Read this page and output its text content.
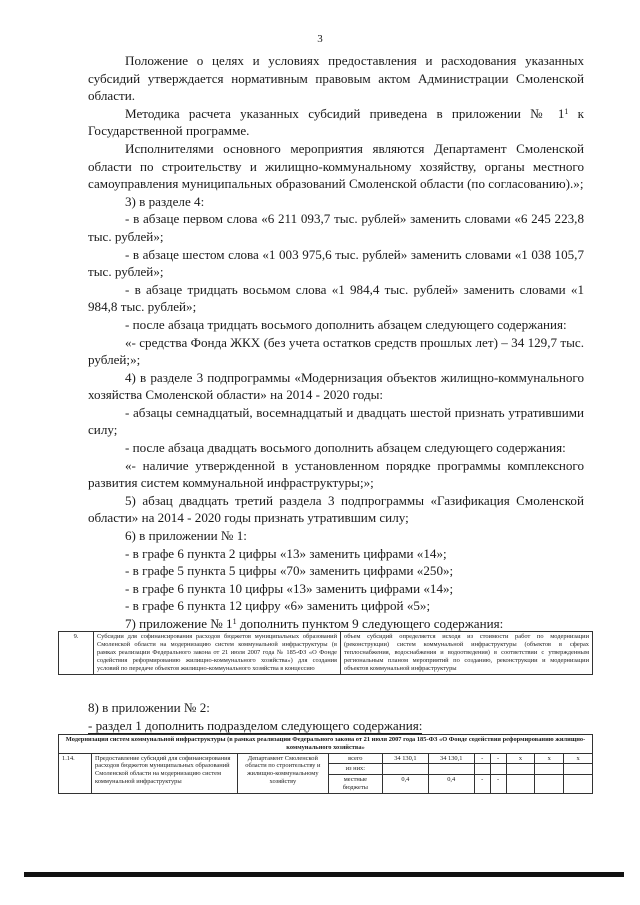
3

Положение о целях и условиях предоставления и расходования указанных субсидий утверждается нормативным правовым актом Администрации Смоленской области.

Методика расчета указанных субсидий приведена в приложении № $1^1$ к Государственной программе.

Исполнителями основного мероприятия являются Департамент Смоленской области по строительству и жилищно-коммунальному хозяйству, органы местного самоуправления муниципальных образований Смоленской области (по согласованию).»;

3) в разделе 4:

- в абзаце первом слова «6 211 093,7 тыс. рублей» заменить словами «6 245 223,8 тыс. рублей»;

- в абзаце шестом слова «1 003 975,6 тыс. рублей» заменить словами «1 038 105,7 тыс. рублей»;

- в абзаце тридцать восьмом слова «1 984,4 тыс. рублей» заменить словами «1 984,8 тыс. рублей»;

- после абзаца тридцать восьмого дополнить абзацем следующего содержания:

«- средства Фонда ЖКХ (без учета остатков средств прошлых лет) – 34 129,7 тыс. рублей;»;

4) в разделе 3 подпрограммы «Модернизация объектов жилищно-коммунального хозяйства Смоленской области» на 2014 - 2020 годы:

- абзацы семнадцатый, восемнадцатый и двадцать шестой признать утратившими силу;

- после абзаца двадцать восьмого дополнить абзацем следующего содержания:

«- наличие утвержденной в установленном порядке программы комплексного развития систем коммунальной инфраструктуры;»;

5) абзац двадцать третий раздела 3 подпрограммы «Газификация Смоленской области» на 2014 - 2020 годы признать утратившим силу;

6) в приложении № 1:

- в графе 6 пункта 2 цифры «13» заменить цифрами «14»;

- в графе 5 пункта 5 цифры «70» заменить цифрами «250»;

- в графе 6 пункта 10 цифры «13» заменить цифрами «14»;

- в графе 6 пункта 12 цифру «6» заменить цифрой «5»;

7) приложение № $1^1$ дополнить пунктом 9 следующего содержания:

9.	Субсидии для софинансирования расходов бюджетов муниципальных образований Смоленской области на модернизацию систем коммунальной инфраструктуры (в рамках реализации Федерального закона от 21 июля 2007 года № 185-ФЗ «О Фонде содействия реформированию жилищно-коммунального хозяйства») для создания условий по передаче объектов жилищно-коммунального хозяйства в концессию	объем субсидий определяется исходя из стоимости работ по модернизации (реконструкции) систем коммунальной инфраструктуры (объектов в сферах теплоснабжения, водоснабжения и водоотведения) в соответствии с утвержденным региональным планом мероприятий по созданию, реконструкции и модернизации объектов коммунальной инфраструктуры
8) в приложении № 2:
- раздел 1 дополнить подразделом следующего содержания:
Модернизация систем коммунальной инфраструктуры (в рамках реализации Федерального закона от 21 июля 2007 года 185-ФЗ «О Фонде содействия реформированию жилищно-коммунального хозяйства»										
1.14.	Предоставление субсидий для софинансирования расходов бюджетов муниципальных образований Смоленской области на модернизацию систем коммунальной инфраструктуры	Департамент Смоленской области по строительству и жилищно-коммунальному хозяйству	всего	34 130,1	34 130,1	-	-	х	х	х
			из них:							
			местные бюджеты	0,4	0,4	-	-			
